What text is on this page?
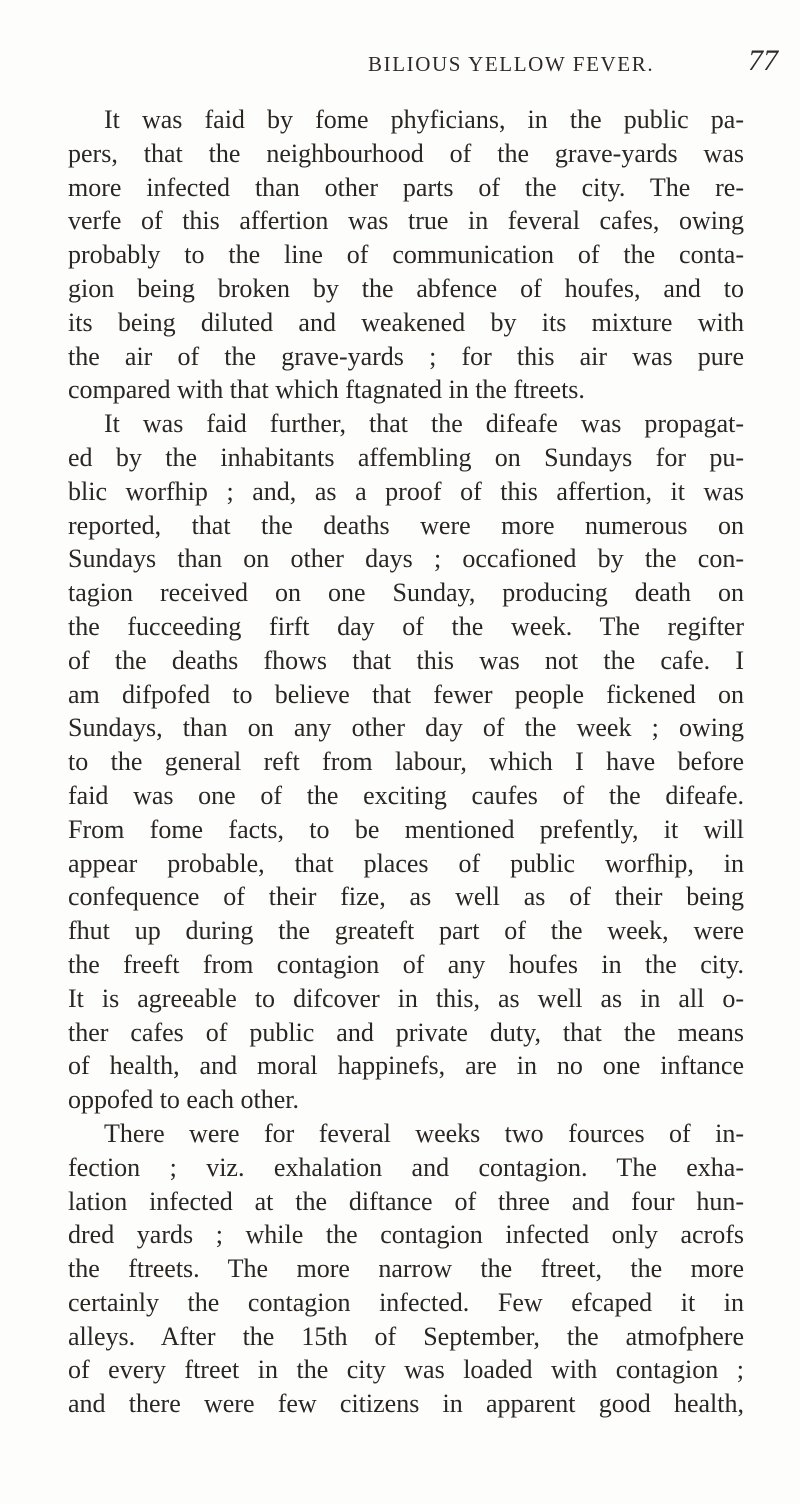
BILIOUS YELLOW FEVER.	77
It was faid by fome phyficians, in the public pa-
pers, that the neighbourhood of the grave-yards was
more infected than other parts of the city. The re-
verfe of this affertion was true in feveral cafes, owing
probably to the line of communication of the conta-
gion being broken by the abfence of houfes, and to
its being diluted and weakened by its mixture with
the air of the grave-yards ; for this air was pure
compared with that which ftagnated in the ftreets.
It was faid further, that the difeafe was propagat-
ed by the inhabitants affembling on Sundays for pu-
blic worfhip ; and, as a proof of this affertion, it was
reported, that the deaths were more numerous on
Sundays than on other days ; occafioned by the con-
tagion received on one Sunday, producing death on
the fucceeding firft day of the week. The regifter
of the deaths fhows that this was not the cafe. I
am difpofed to believe that fewer people fickened on
Sundays, than on any other day of the week ; owing
to the general reft from labour, which I have before
faid was one of the exciting caufes of the difeafe.
From fome facts, to be mentioned prefently, it will
appear probable, that places of public worfhip, in
confequence of their fize, as well as of their being
fhut up during the greateft part of the week, were
the freeft from contagion of any houfes in the city.
It is agreeable to difcover in this, as well as in all o-
ther cafes of public and private duty, that the means
of health, and moral happinefs, are in no one inftance
oppofed to each other.
There were for feveral weeks two fources of in-
fection ; viz. exhalation and contagion. The exha-
lation infected at the diftance of three and four hun-
dred yards ; while the contagion infected only acrofs
the ftreets. The more narrow the ftreet, the more
certainly the contagion infected. Few efcaped it in
alleys. After the 15th of September, the atmofphere
of every ftreet in the city was loaded with contagion ;
and there were few citizens in apparent good health,
